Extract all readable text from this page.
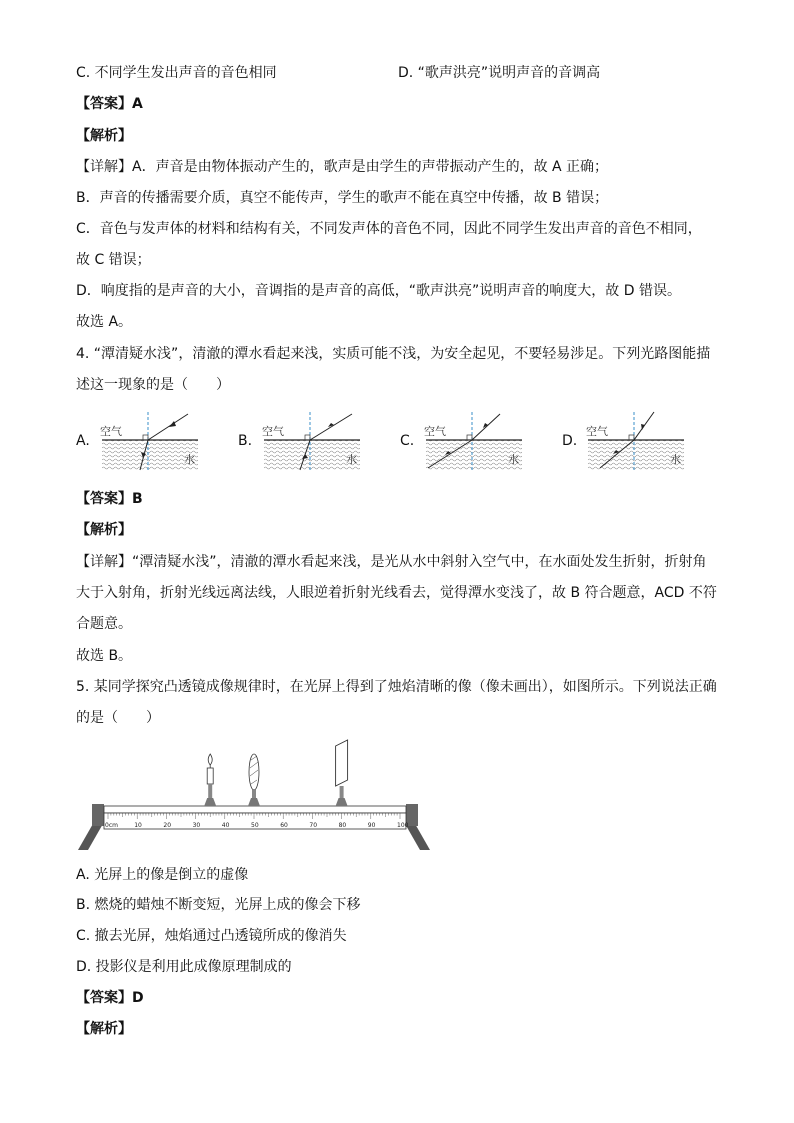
C. 不同学生发出声音的音色相同	D. “歌声洪亮”说明声音的音调高
【答案】A
【解析】
【详解】A．声音是由物体振动产生的，歌声是由学生的声带振动产生的，故 A 正确；
B．声音的传播需要介质，真空不能传声，学生的歌声不能在真空中传播，故 B 错误；
C．音色与发声体的材料和结构有关，不同发声体的音色不同，因此不同学生发出声音的音色不相同，
故 C 错误；
D．响度指的是声音的大小，音调指的是声音的高低，“歌声洪亮”说明声音的响度大，故 D 错误。
故选 A。
4. “潭清疑水浅”，清澈的潭水看起来浅，实质可能不浅，为安全起见，不要轻易涉足。下列光路图能描
述这一现象的是（　　）
A.
空气
水
B.
空气
水
C.
空气
水
D.
空气
水
【答案】B
【解析】
【详解】“潭清疑水浅”，清澈的潭水看起来浅，是光从水中斜射入空气中，在水面处发生折射，折射角
大于入射角，折射光线远离法线，人眼逆着折射光线看去，觉得潭水变浅了，故 B 符合题意，ACD 不符
合题意。
故选 B。
5. 某同学探究凸透镜成像规律时，在光屏上得到了烛焰清晰的像（像未画出），如图所示。下列说法正确
的是（　　）
0cm	10	20	30	40	50	60	70	80	90	100
A. 光屏上的像是倒立的虚像
B. 燃烧的蜡烛不断变短，光屏上成的像会下移
C. 撤去光屏，烛焰通过凸透镜所成的像消失
D. 投影仪是利用此成像原理制成的
【答案】D
【解析】
